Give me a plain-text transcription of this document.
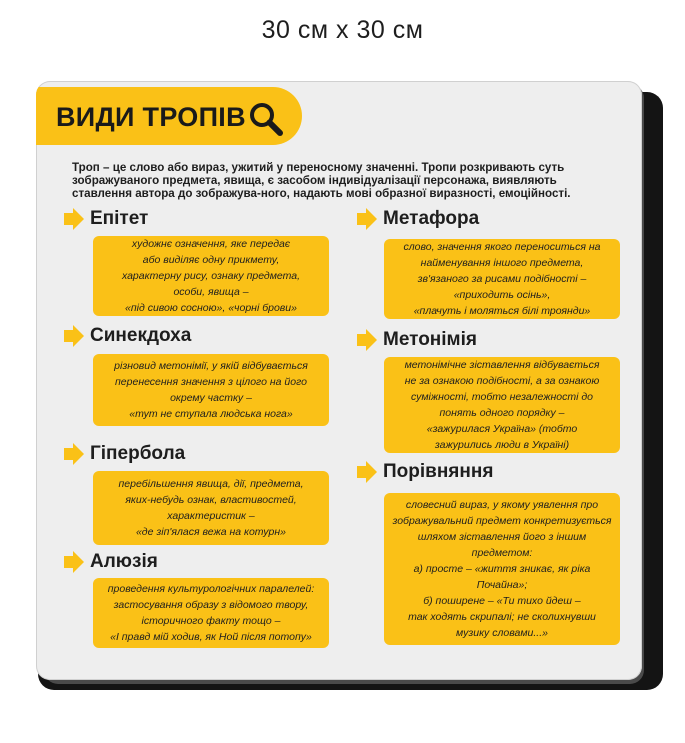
30 см x 30 см
ВИДИ ТРОПІВ
Троп – це слово або вираз, ужитий у переносному значенні. Тропи розкривають суть зображуваного предмета, явища, є засобом індивідуалізації персонажа, виявляють ставлення автора до зображува-ного, надають мові образної виразності, емоційності.
Епітет
художнє означення, яке передає
або виділяє одну прикмету,
характерну рису, ознаку предмета,
особи, явища –
«під сивою сосною», «чорні брови»
Синекдоха
різновид метонімії, у якій відбувається
перенесення значення з цілого на його
окрему частку –
«тут не ступала людська нога»
Гіпербола
перебільшення явища, дії, предмета,
яких-небудь ознак, властивостей,
характеристик –
«де зіп'ялася вежа на котурн»
Алюзія
проведення культурологічних паралелей:
застосування образу з відомого твору,
історичного факту тощо –
«І правд мій ходив, як Ной після потопу»
Метафора
слово, значення якого переноситься на
найменування іншого предмета,
зв'язаного за рисами подібності –
«приходить осінь»,
«плачуть і моляться білі троянди»
Метонімія
метонімічне зіставлення відбувається
не за ознакою подібності, а за ознакою
суміжності, тобто незалежності до
понять одного порядку –
«зажурилася Україна» (тобто
зажурились люди в Україні)
Порівняння
словесний вираз, у якому уявлення про
зображувальний предмет конкретизується
шляхом зіставлення його з іншим
предметом:
а) просте – «життя зникає, як ріка
Почайна»;
б) поширене – «Ти тихо йдеш –
так ходять скрипалі; не сколихнувши
музику словами...»
